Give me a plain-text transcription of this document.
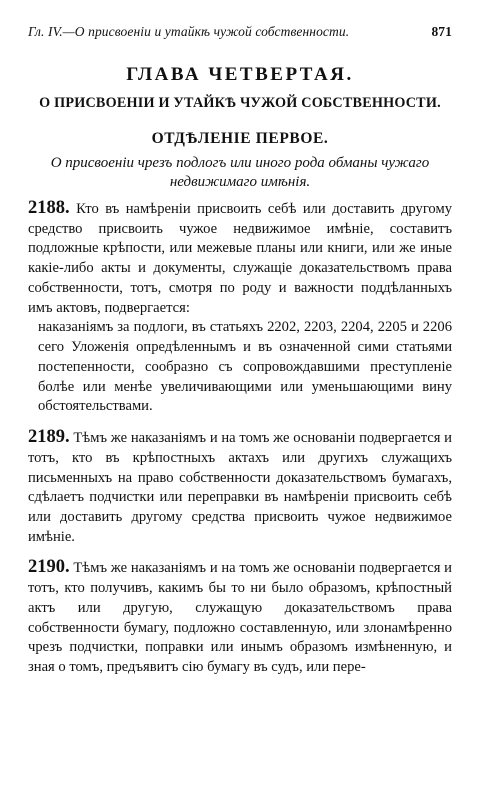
Гл. IV.—О присвоеніи и утайкѣ чужой собственности.	871
ГЛАВА ЧЕТВЕРТАЯ.
О ПРИСВОЕНІИ И УТАЙКѢ ЧУЖОЙ СОБСТВЕННОСТИ.
ОТДѢЛЕНІЕ ПЕРВОЕ.
О присвоеніи чрезъ подлогъ или иного рода обманы чужаго недвижимаго имѣнія.

2188. Кто въ намѣреніи присвоить себѣ или доставить другому средство присвоить чужое недвижимое имѣніе, составитъ подложные крѣпости, или межевые планы или книги, или же иные какіе-либо акты и документы, служащіе доказательствомъ права собственности, тотъ, смотря по роду и важности поддѣланныхъ имъ актовъ, подвергается:

наказаніямъ за подлоги, въ статьяхъ 2202, 2203, 2204, 2205 и 2206 сего Уложенія опредѣленнымъ и въ означенной сими статьями постепенности, сообразно съ сопровождавшими преступленіе болѣе или менѣе увеличивающими или уменьшающими вину обстоятельствами.

2189. Тѣмъ же наказаніямъ и на томъ же основаніи подвергается и тотъ, кто въ крѣпостныхъ актахъ или другихъ служащихъ письменныхъ на право собственности доказательствомъ бумагахъ, сдѣлаетъ подчистки или переправки въ намѣреніи присвоить себѣ или доставить другому средства присвоить чужое недвижимое имѣніе.

2190. Тѣмъ же наказаніямъ и на томъ же основаніи подвергается и тотъ, кто получивъ, какимъ бы то ни было образомъ, крѣпостный актъ или другую, служащую доказательствомъ права собственности бумагу, подложно составленную, или злонамѣренно чрезъ подчистки, поправки или инымъ образомъ измѣненную, и зная о томъ, предъявитъ сію бумагу въ судъ, или пере-
